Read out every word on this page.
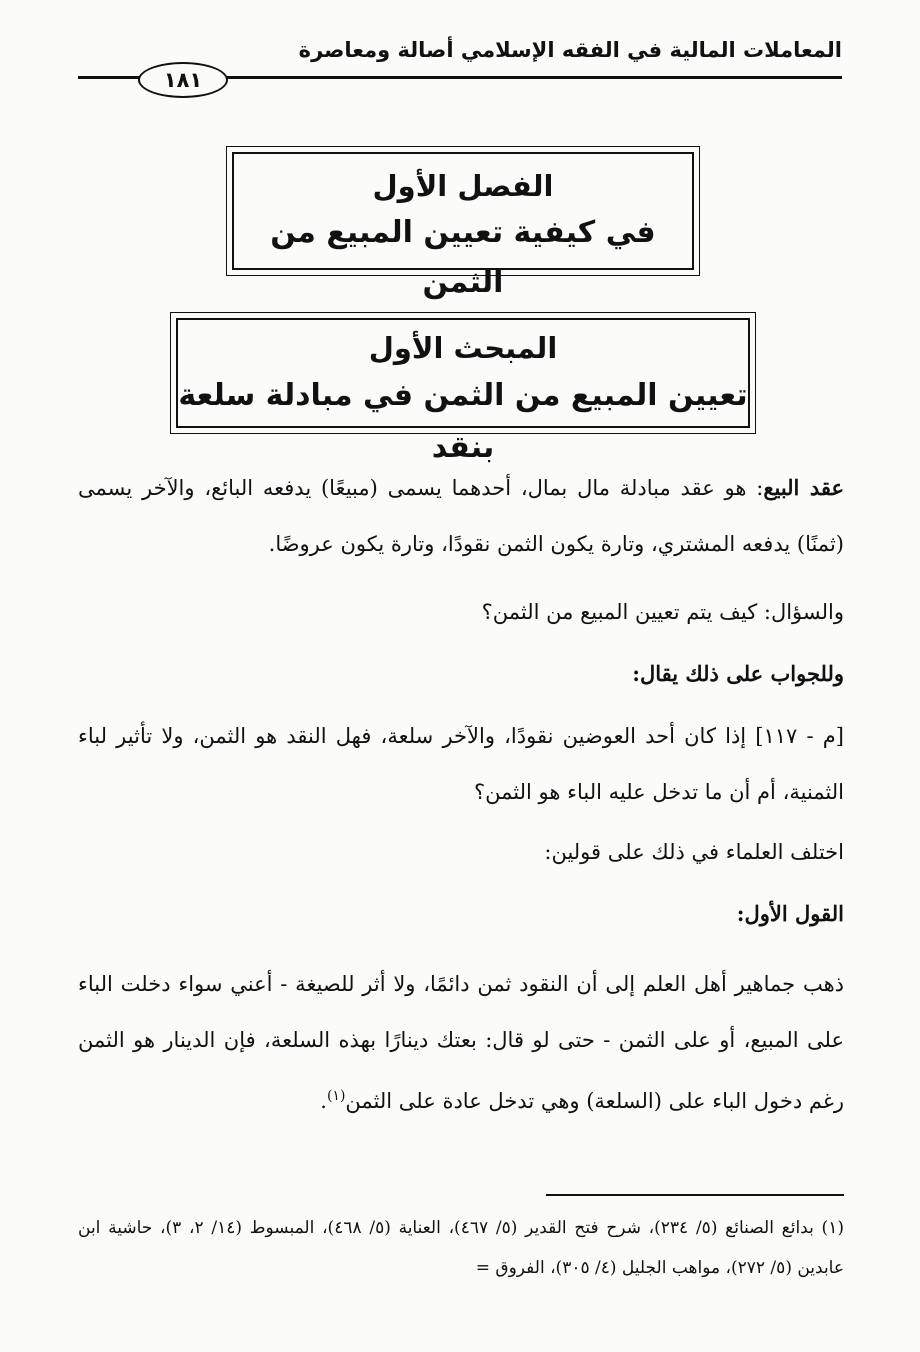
المعاملات المالية في الفقه الإسلامي أصالة ومعاصرة
١٨١
الفصل الأول
في كيفية تعيين المبيع من الثمن
المبحث الأول
تعيين المبيع من الثمن في مبادلة سلعة بنقد

عقد البيع: هو عقد مبادلة مال بمال، أحدهما يسمى (مبيعًا) يدفعه البائع، والآخر يسمى (ثمنًا) يدفعه المشتري، وتارة يكون الثمن نقودًا، وتارة يكون عروضًا.

والسؤال: كيف يتم تعيين المبيع من الثمن؟

وللجواب على ذلك يقال:

[م - ١١٧] إذا كان أحد العوضين نقودًا، والآخر سلعة، فهل النقد هو الثمن، ولا تأثير لباء الثمنية، أم أن ما تدخل عليه الباء هو الثمن؟

اختلف العلماء في ذلك على قولين:

القول الأول:

ذهب جماهير أهل العلم إلى أن النقود ثمن دائمًا، ولا أثر للصيغة - أعني سواء دخلت الباء على المبيع، أو على الثمن - حتى لو قال: بعتك دينارًا بهذه السلعة، فإن الدينار هو الثمن رغم دخول الباء على (السلعة) وهي تدخل عادة على الثمن$^{(١)}$.

(١) بدائع الصنائع (٥/ ٢٣٤)، شرح فتح القدير (٥/ ٤٦٧)، العناية (٥/ ٤٦٨)، المبسوط (١٤/ ٢، ٣)، حاشية ابن عابدين (٥/ ٢٧٢)، مواهب الجليل (٤/ ٣٠٥)، الفروق =
